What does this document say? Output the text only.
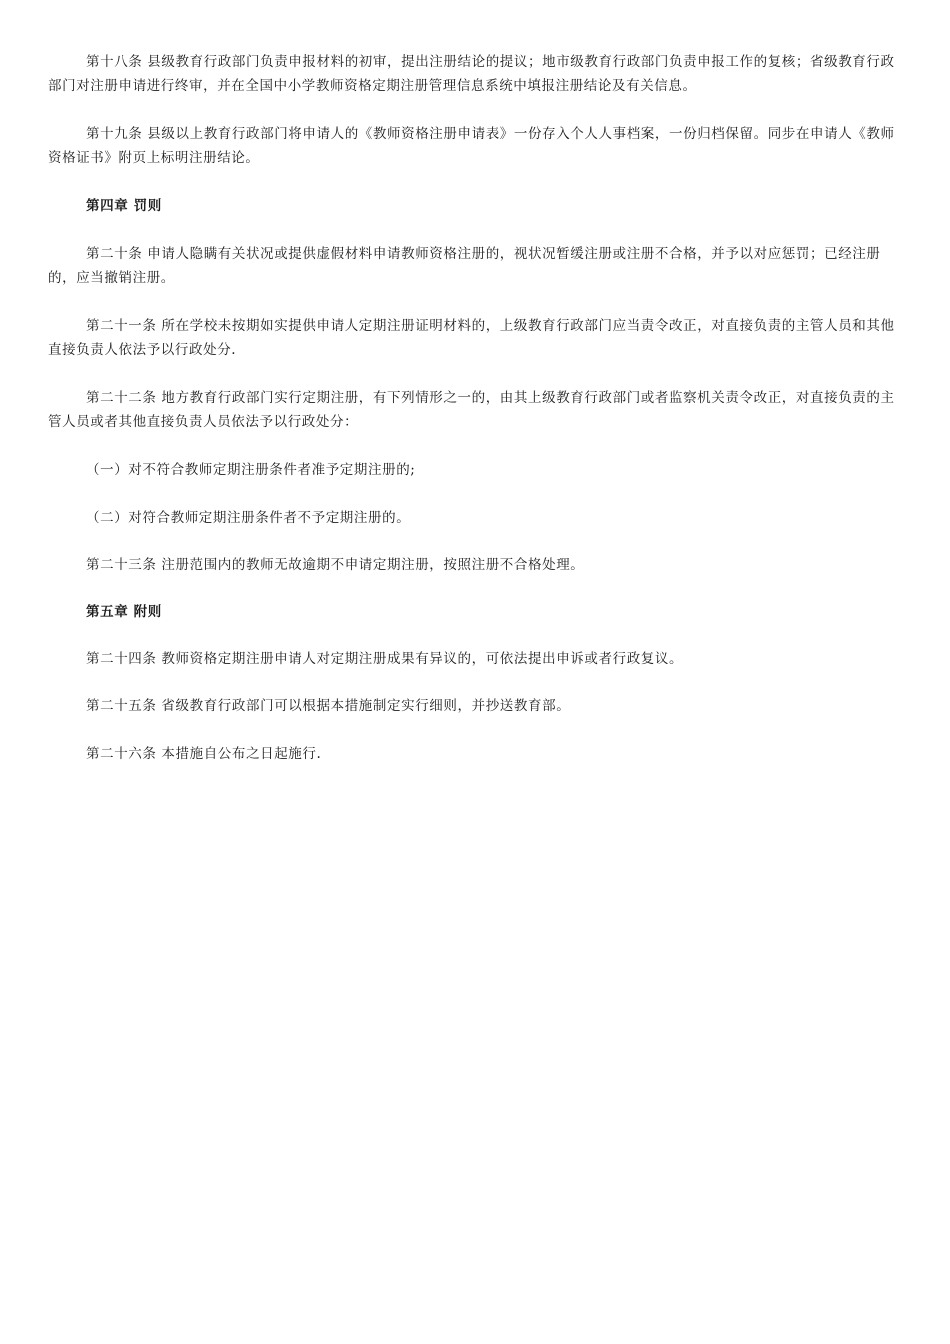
第十八条 县级教育行政部门负责申报材料的初审，提出注册结论的提议；地市级教育行政部门负责申报工作的复核；省级教育行政部门对注册申请进行终审，并在全国中小学教师资格定期注册管理信息系统中填报注册结论及有关信息。

第十九条 县级以上教育行政部门将申请人的《教师资格注册申请表》一份存入个人人事档案，一份归档保留。同步在申请人《教师资格证书》附页上标明注册结论。

第四章 罚则

第二十条 申请人隐瞒有关状况或提供虚假材料申请教师资格注册的，视状况暂缓注册或注册不合格，并予以对应惩罚；已经注册的，应当撤销注册。

第二十一条 所在学校未按期如实提供申请人定期注册证明材料的，上级教育行政部门应当责令改正，对直接负责的主管人员和其他直接负责人依法予以行政处分.

第二十二条 地方教育行政部门实行定期注册，有下列情形之一的，由其上级教育行政部门或者监察机关责令改正，对直接负责的主管人员或者其他直接负责人员依法予以行政处分：

（一）对不符合教师定期注册条件者准予定期注册的;

（二）对符合教师定期注册条件者不予定期注册的。

第二十三条 注册范围内的教师无故逾期不申请定期注册，按照注册不合格处理。

第五章 附则

第二十四条 教师资格定期注册申请人对定期注册成果有异议的，可依法提出申诉或者行政复议。

第二十五条 省级教育行政部门可以根据本措施制定实行细则，并抄送教育部。

第二十六条 本措施自公布之日起施行.
